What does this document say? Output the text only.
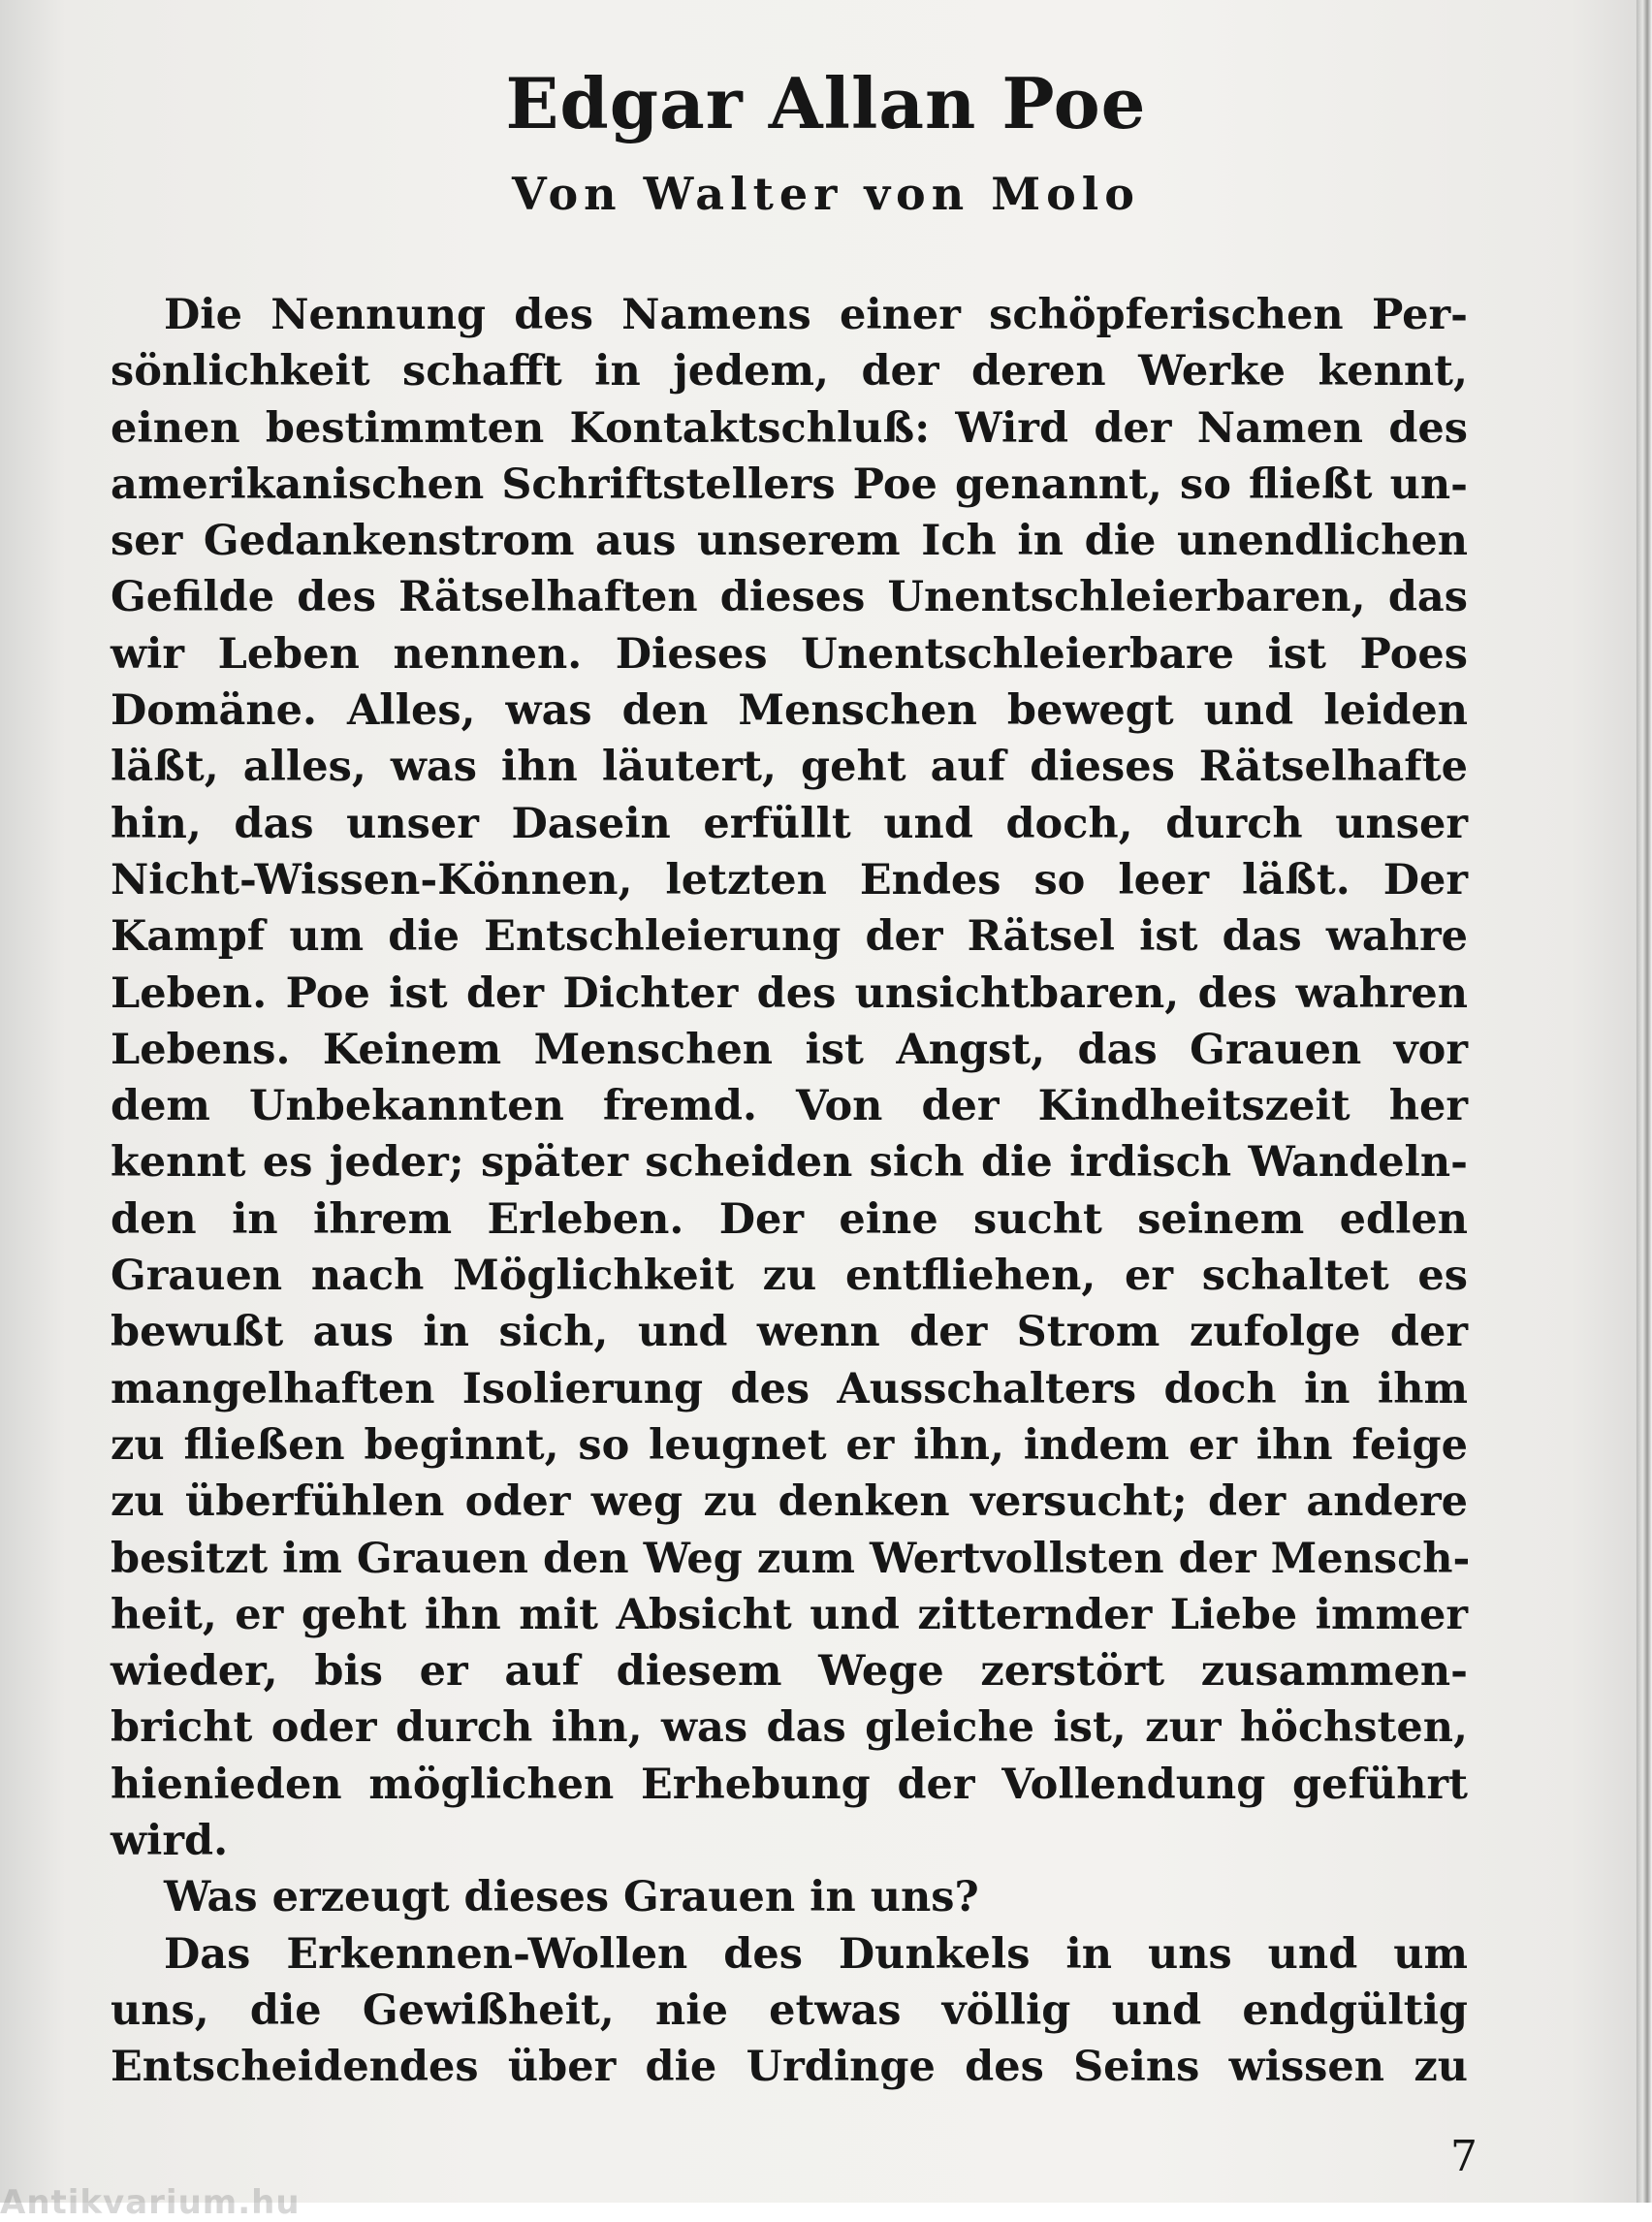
Edgar Allan Poe
Von Walter von Molo
Die Nennung des Namens einer schöpferischen Per-
sönlichkeit schafft in jedem, der deren Werke kennt,
einen bestimmten Kontaktschluß: Wird der Namen des
amerikanischen Schriftstellers Poe genannt, so fließt un-
ser Gedankenstrom aus unserem Ich in die unendlichen
Gefilde des Rätselhaften dieses Unentschleierbaren, das
wir Leben nennen. Dieses Unentschleierbare ist Poes
Domäne. Alles, was den Menschen bewegt und leiden
läßt, alles, was ihn läutert, geht auf dieses Rätselhafte
hin, das unser Dasein erfüllt und doch, durch unser
Nicht-Wissen-Können, letzten Endes so leer läßt. Der
Kampf um die Entschleierung der Rätsel ist das wahre
Leben. Poe ist der Dichter des unsichtbaren, des wahren
Lebens. Keinem Menschen ist Angst, das Grauen vor
dem Unbekannten fremd. Von der Kindheitszeit her
kennt es jeder; später scheiden sich die irdisch Wandeln-
den in ihrem Erleben. Der eine sucht seinem edlen
Grauen nach Möglichkeit zu entfliehen, er schaltet es
bewußt aus in sich, und wenn der Strom zufolge der
mangelhaften Isolierung des Ausschalters doch in ihm
zu fließen beginnt, so leugnet er ihn, indem er ihn feige
zu überfühlen oder weg zu denken versucht; der andere
besitzt im Grauen den Weg zum Wertvollsten der Mensch-
heit, er geht ihn mit Absicht und zitternder Liebe immer
wieder, bis er auf diesem Wege zerstört zusammen-
bricht oder durch ihn, was das gleiche ist, zur höchsten,
hienieden möglichen Erhebung der Vollendung geführt
wird.
Was erzeugt dieses Grauen in uns?
Das Erkennen-Wollen des Dunkels in uns und um
uns, die Gewißheit, nie etwas völlig und endgültig
Entscheidendes über die Urdinge des Seins wissen zu
7
Antikvarium.hu
